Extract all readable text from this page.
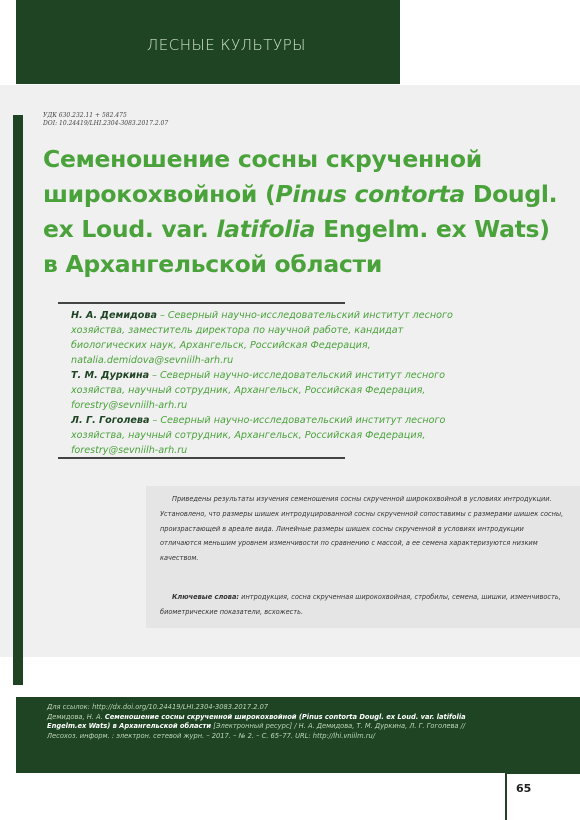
ЛЕСНЫЕ КУЛЬТУРЫ
УДК 630.232.11 + 582.475
DOI: 10.24419/LHI.2304-3083.2017.2.07
Семеношение сосны скрученной
широкохвойной (Pinus contorta Dougl.
ex Loud. var. latifolia Engelm. ex Wats)
в Архангельской области
Н. А. Демидова – Северный научно-исследовательский институт лесного хозяйства, заместитель директора по научной работе, кандидат биологических наук, Архангельск, Российская Федерация, natalia.demidova@sevniilh-arh.ru
Т. М. Дуркина – Северный научно-исследовательский институт лесного хозяйства, научный сотрудник, Архангельск, Российская Федерация, forestry@sevniilh-arh.ru
Л. Г. Гоголева – Северный научно-исследовательский институт лесного хозяйства, научный сотрудник, Архангельск, Российская Федерация, forestry@sevniilh-arh.ru

Приведены результаты изучения семеношения сосны скрученной широкохвойной в условиях интродукции. Установлено, что размеры шишек интродуцированной сосны скрученной сопоставимы с размерами шишек сосны, произрастающей в ареале вида. Линейные размеры шишек сосны скрученной в условиях интродукции отличаются меньшим уровнем изменчивости по сравнению с массой, а ее семена характеризуются низким качеством.

Ключевые слова: интродукция, сосна скрученная широкохвойная, стробилы, семена, шишки, изменчивость, биометрические показатели, всхожесть.

Для ссылок: http://dx.doi.org/10.24419/LHI.2304-3083.2017.2.07
Демидова, Н. А. Семеношение сосны скрученной широкохвойной (Pinus contorta Dougl. ex Loud. var. latifolia Engelm.ex Wats) в Архангельской области [Электронный ресурс] / Н. А. Демидова, Т. М. Дуркина, Л. Г. Гоголева // Лесохоз. информ. : электрон. сетевой журн. – 2017. – № 2. – С. 65–77. URL: http://lhi.vniilm.ru/
65
